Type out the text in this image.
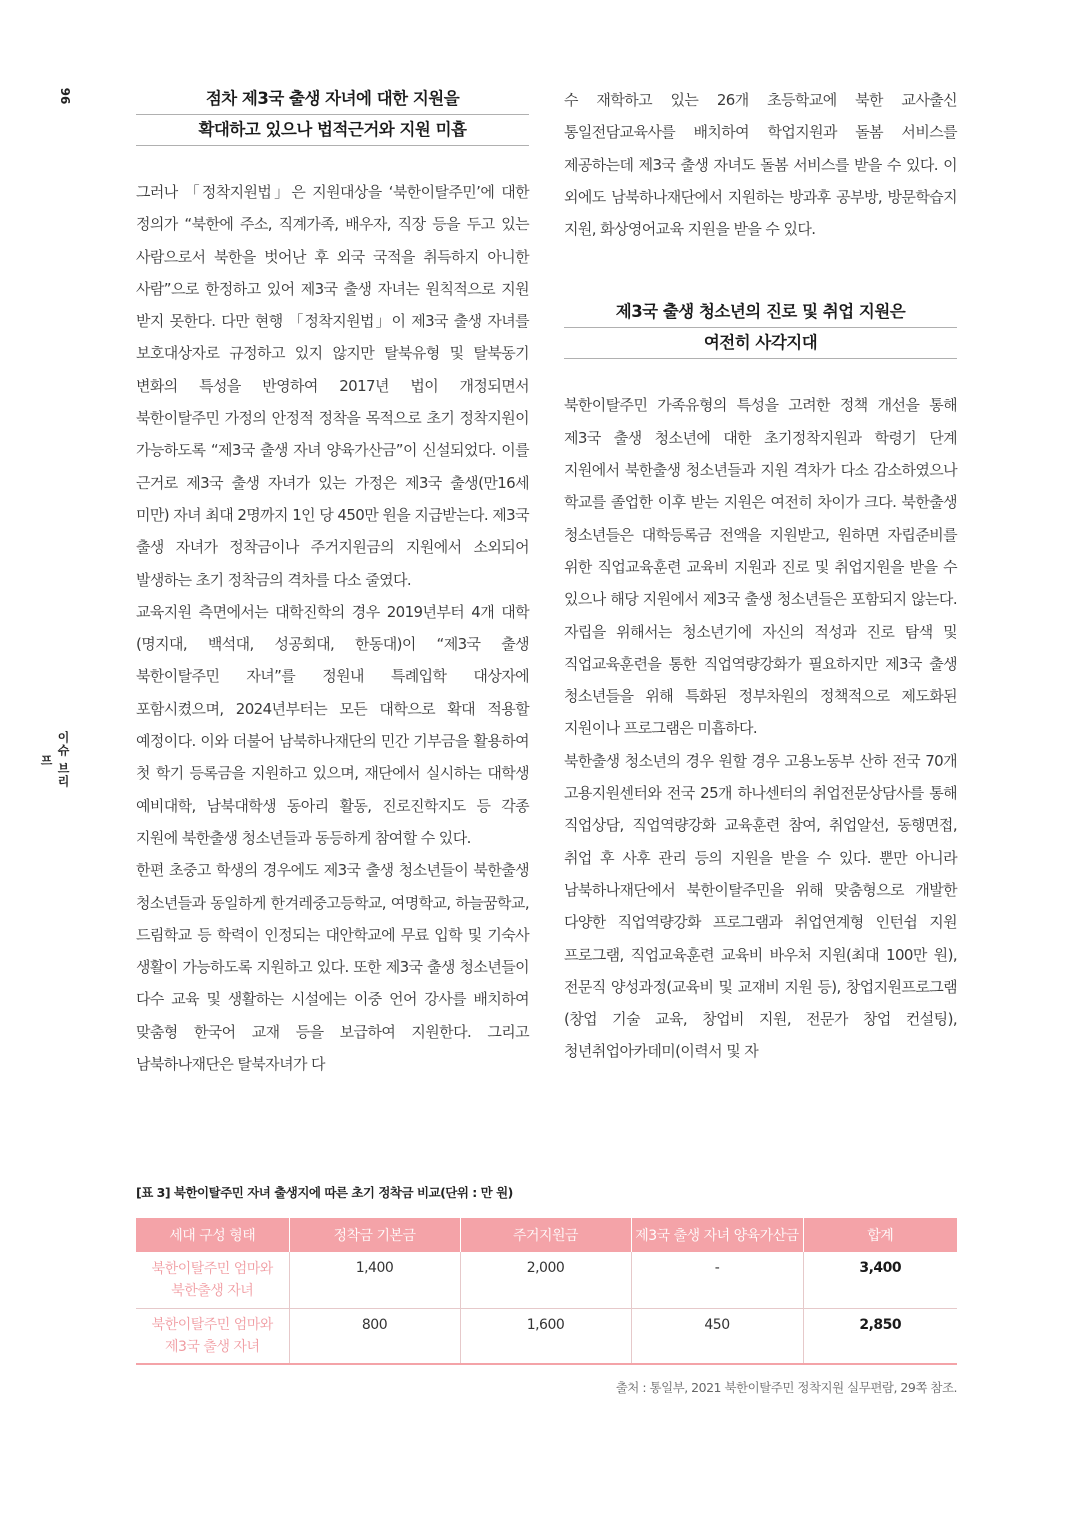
96
이슈 브리프
점차 제3국 출생 자녀에 대한 지원을
확대하고 있으나 법적근거와 지원 미흡

그러나 「정착지원법」은 지원대상을 ‘북한이탈주민’에 대한 정의가 “북한에 주소, 직계가족, 배우자, 직장 등을 두고 있는 사람으로서 북한을 벗어난 후 외국 국적을 취득하지 아니한 사람”으로 한정하고 있어 제3국 출생 자녀는 원칙적으로 지원 받지 못한다. 다만 현행 「정착지원법」이 제3국 출생 자녀를 보호대상자로 규정하고 있지 않지만 탈북유형 및 탈북동기 변화의 특성을 반영하여 2017년 법이 개정되면서 북한이탈주민 가정의 안정적 정착을 목적으로 초기 정착지원이 가능하도록 “제3국 출생 자녀 양육가산금”이 신설되었다. 이를 근거로 제3국 출생 자녀가 있는 가정은 제3국 출생(만16세 미만) 자녀 최대 2명까지 1인 당 450만 원을 지급받는다. 제3국 출생 자녀가 정착금이나 주거지원금의 지원에서 소외되어 발생하는 초기 정착금의 격차를 다소 줄였다.

교육지원 측면에서는 대학진학의 경우 2019년부터 4개 대학(명지대, 백석대, 성공회대, 한동대)이 “제3국 출생 북한이탈주민 자녀”를 정원내 특례입학 대상자에 포함시켰으며, 2024년부터는 모든 대학으로 확대 적용할 예정이다. 이와 더불어 남북하나재단의 민간 기부금을 활용하여 첫 학기 등록금을 지원하고 있으며, 재단에서 실시하는 대학생 예비대학, 남북대학생 동아리 활동, 진로진학지도 등 각종 지원에 북한출생 청소년들과 동등하게 참여할 수 있다.

한편 초중고 학생의 경우에도 제3국 출생 청소년들이 북한출생 청소년들과 동일하게 한겨레중고등학교, 여명학교, 하늘꿈학교, 드림학교 등 학력이 인정되는 대안학교에 무료 입학 및 기숙사 생활이 가능하도록 지원하고 있다. 또한 제3국 출생 청소년들이 다수 교육 및 생활하는 시설에는 이중 언어 강사를 배치하여 맞춤형 한국어 교재 등을 보급하여 지원한다. 그리고 남북하나재단은 탈북자녀가 다

수 재학하고 있는 26개 초등학교에 북한 교사출신 통일전담교육사를 배치하여 학업지원과 돌봄 서비스를 제공하는데 제3국 출생 자녀도 돌봄 서비스를 받을 수 있다. 이 외에도 남북하나재단에서 지원하는 방과후 공부방, 방문학습지 지원, 화상영어교육 지원을 받을 수 있다.

제3국 출생 청소년의 진로 및 취업 지원은
여전히 사각지대

북한이탈주민 가족유형의 특성을 고려한 정책 개선을 통해 제3국 출생 청소년에 대한 초기정착지원과 학령기 단계 지원에서 북한출생 청소년들과 지원 격차가 다소 감소하였으나 학교를 졸업한 이후 받는 지원은 여전히 차이가 크다. 북한출생 청소년들은 대학등록금 전액을 지원받고, 원하면 자립준비를 위한 직업교육훈련 교육비 지원과 진로 및 취업지원을 받을 수 있으나 해당 지원에서 제3국 출생 청소년들은 포함되지 않는다. 자립을 위해서는 청소년기에 자신의 적성과 진로 탐색 및 직업교육훈련을 통한 직업역량강화가 필요하지만 제3국 출생 청소년들을 위해 특화된 정부차원의 정책적으로 제도화된 지원이나 프로그램은 미흡하다.

북한출생 청소년의 경우 원할 경우 고용노동부 산하 전국 70개 고용지원센터와 전국 25개 하나센터의 취업전문상담사를 통해 직업상담, 직업역량강화 교육훈련 참여, 취업알선, 동행면접, 취업 후 사후 관리 등의 지원을 받을 수 있다. 뿐만 아니라 남북하나재단에서 북한이탈주민을 위해 맞춤형으로 개발한 다양한 직업역량강화 프로그램과 취업연계형 인턴쉽 지원 프로그램, 직업교육훈련 교육비 바우처 지원(최대 100만 원), 전문직 양성과정(교육비 및 교재비 지원 등), 창업지원프로그램(창업 기술 교육, 창업비 지원, 전문가 창업 컨설팅), 청년취업아카데미(이력서 및 자

[표 3] 북한이탈주민 자녀 출생지에 따른 초기 정착금 비교(단위 : 만 원)
세대 구성 형태	정착금 기본금	주거지원금	제3국 출생 자녀 양육가산금	합계
북한이탈주민 엄마와
북한출생 자녀	1,400	2,000	-	3,400
북한이탈주민 엄마와
제3국 출생 자녀	800	1,600	450	2,850
출처 : 통일부, 2021 북한이탈주민 정착지원 실무편람, 29쪽 참조.
